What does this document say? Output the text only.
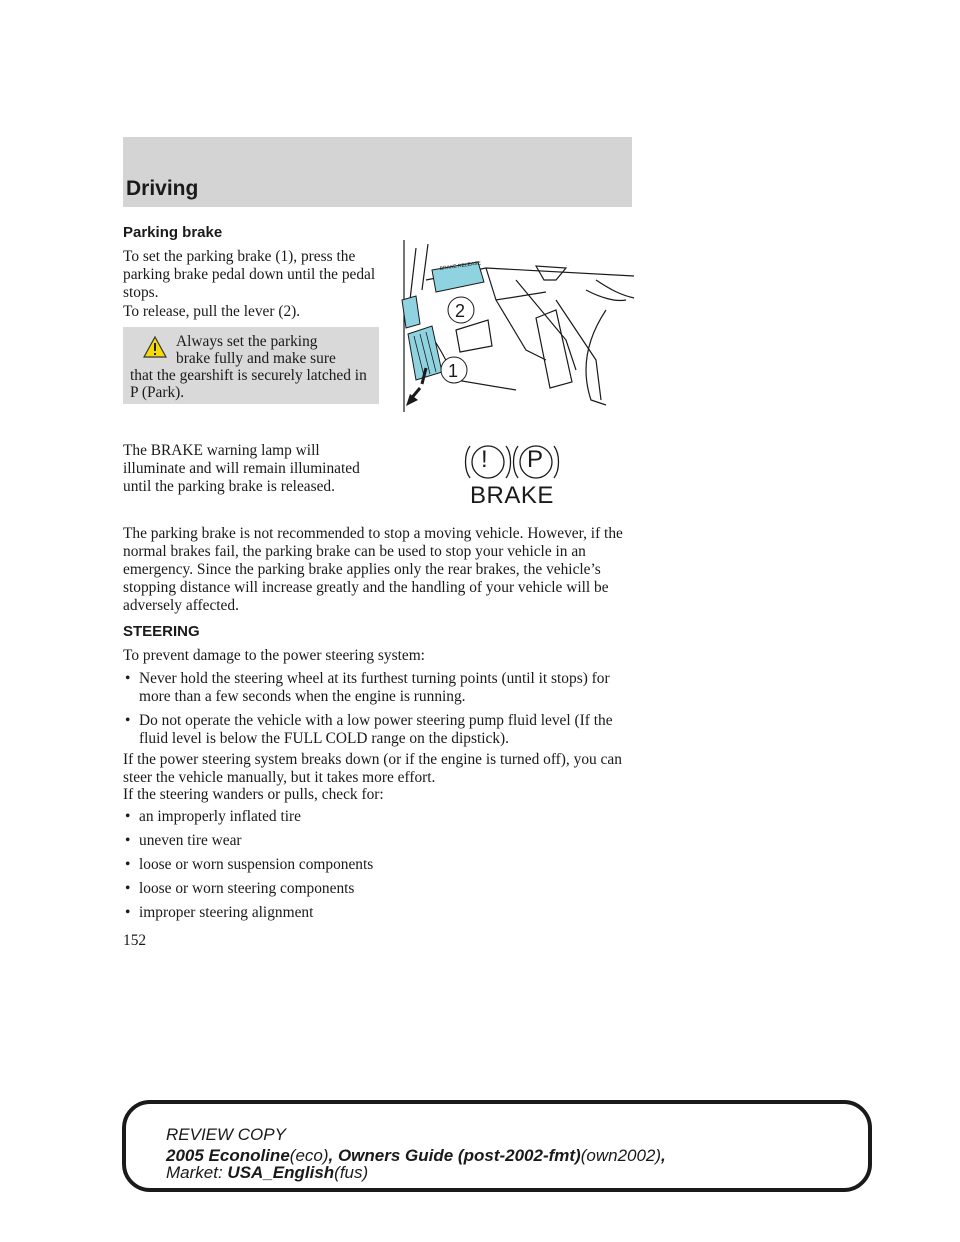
Driving

Parking brake

To set the parking brake (1), press the parking brake pedal down until the pedal stops.

To release, pull the lever (2).

Always set the parking
brake fully and make sure
that the gearshift is securely latched in P (Park).

BRAKE RELEASE
2
1

The BRAKE warning lamp will illuminate and will remain illuminated until the parking brake is released.

! P
BRAKE

The parking brake is not recommended to stop a moving vehicle. However, if the normal brakes fail, the parking brake can be used to stop your vehicle in an emergency. Since the parking brake applies only the rear brakes, the vehicle’s stopping distance will increase greatly and the handling of your vehicle will be adversely affected.

STEERING

To prevent damage to the power steering system:

• Never hold the steering wheel at its furthest turning points (until it stops) for more than a few seconds when the engine is running.
• Do not operate the vehicle with a low power steering pump fluid level (If the fluid level is below the FULL COLD range on the dipstick).

If the power steering system breaks down (or if the engine is turned off), you can steer the vehicle manually, but it takes more effort.

If the steering wanders or pulls, check for:

• an improperly inflated tire
• uneven tire wear
• loose or worn suspension components
• loose or worn steering components
• improper steering alignment
152
REVIEW COPY
2005 Econoline(eco), Owners Guide (post-2002-fmt)(own2002),
Market: USA_English(fus)
